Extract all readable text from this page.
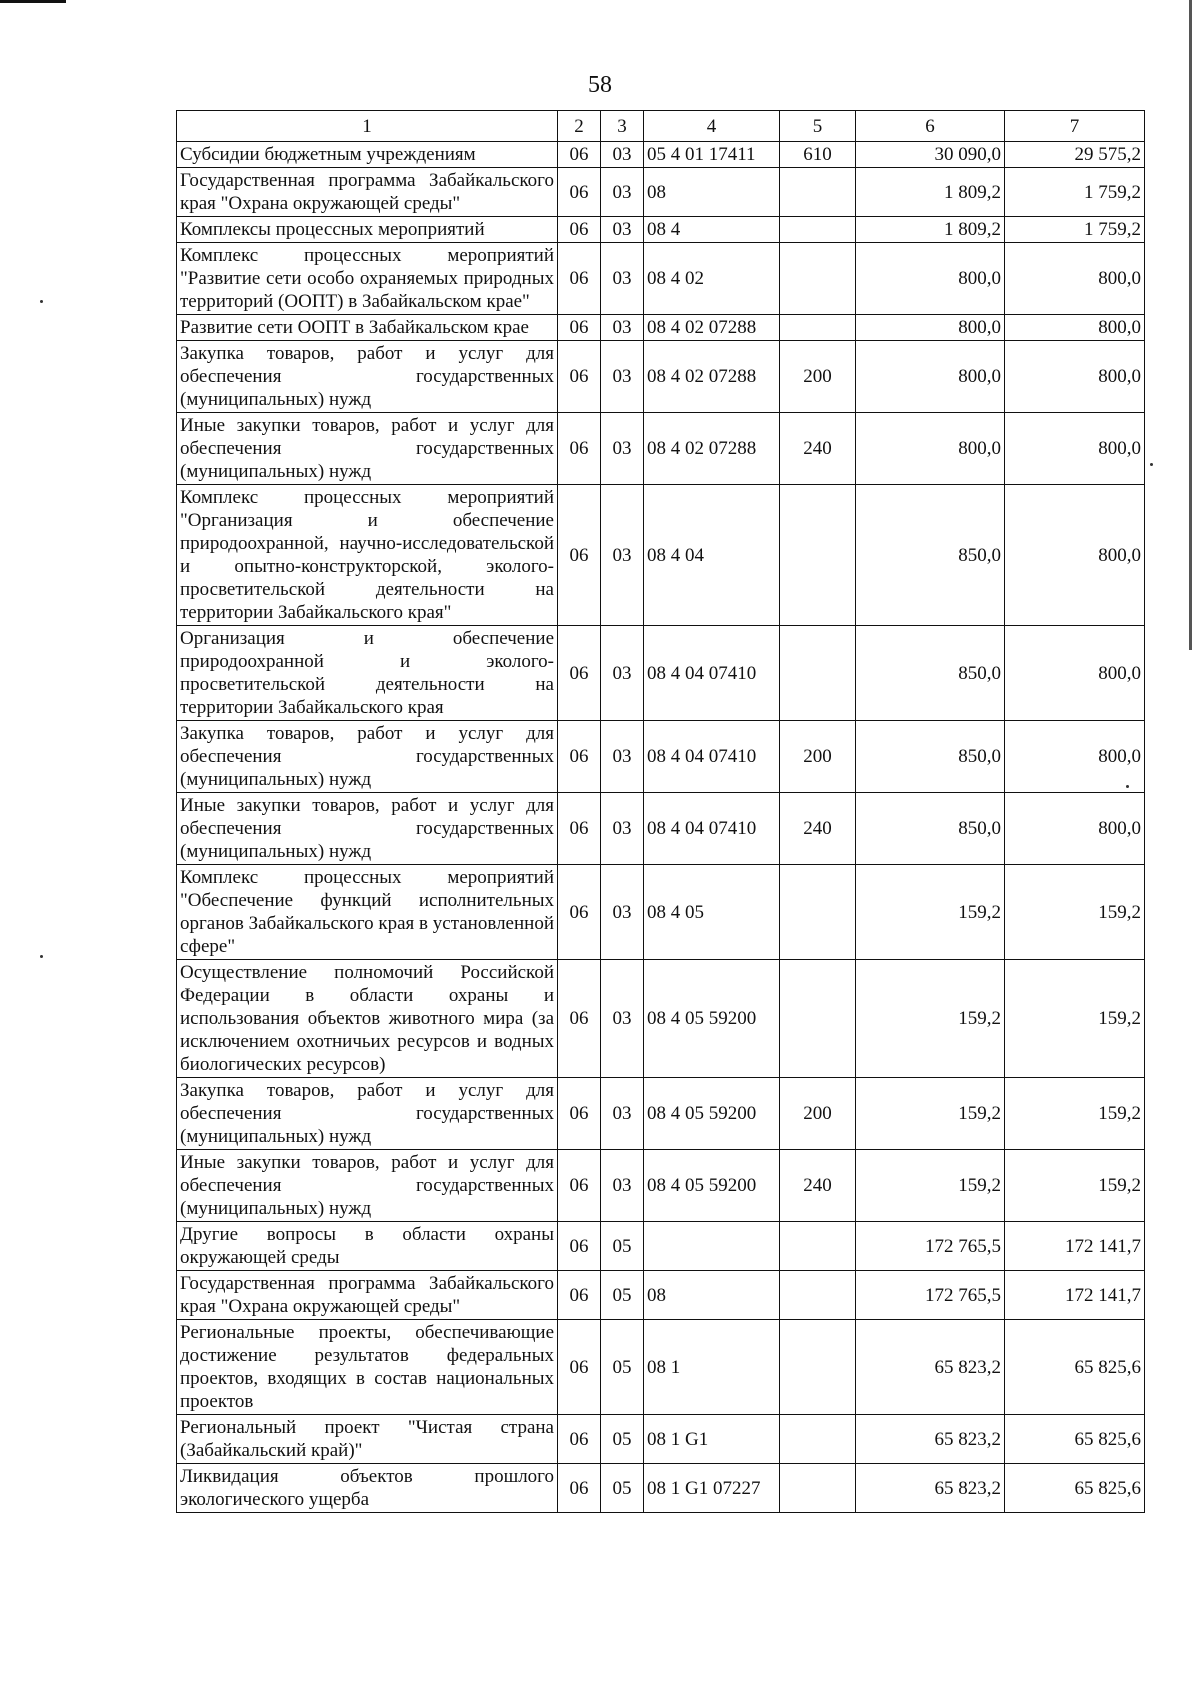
58
1	2	3	4	5	6	7
Субсидии бюджетным учреждениям	06	03	05 4 01 17411	610	30 090,0	29 575,2
Государственная программа Забайкальского края "Охрана окружающей среды"	06	03	08		1 809,2	1 759,2
Комплексы процессных мероприятий	06	03	08 4		1 809,2	1 759,2
Комплекс процессных мероприятий "Развитие сети особо охраняемых природных территорий (ООПТ) в Забайкальском крае"	06	03	08 4 02		800,0	800,0
Развитие сети ООПТ в Забайкальском крае	06	03	08 4 02 07288		800,0	800,0
Закупка товаров, работ и услуг для обеспечения государственных (муниципальных) нужд	06	03	08 4 02 07288	200	800,0	800,0
Иные закупки товаров, работ и услуг для обеспечения государственных (муниципальных) нужд	06	03	08 4 02 07288	240	800,0	800,0
Комплекс процессных мероприятий "Организация и обеспечение природоохранной, научно-исследовательской и опытно-конструкторской, эколого-просветительской деятельности на территории Забайкальского края"	06	03	08 4 04		850,0	800,0
Организация и обеспечение природоохранной и эколого-просветительской деятельности на территории Забайкальского края	06	03	08 4 04 07410		850,0	800,0
Закупка товаров, работ и услуг для обеспечения государственных (муниципальных) нужд	06	03	08 4 04 07410	200	850,0	800,0
Иные закупки товаров, работ и услуг для обеспечения государственных (муниципальных) нужд	06	03	08 4 04 07410	240	850,0	800,0
Комплекс процессных мероприятий "Обеспечение функций исполнительных органов Забайкальского края в установленной сфере"	06	03	08 4 05		159,2	159,2
Осуществление полномочий Российской Федерации в области охраны и использования объектов животного мира (за исключением охотничьих ресурсов и водных биологических ресурсов)	06	03	08 4 05 59200		159,2	159,2
Закупка товаров, работ и услуг для обеспечения государственных (муниципальных) нужд	06	03	08 4 05 59200	200	159,2	159,2
Иные закупки товаров, работ и услуг для обеспечения государственных (муниципальных) нужд	06	03	08 4 05 59200	240	159,2	159,2
Другие вопросы в области охраны окружающей среды	06	05			172 765,5	172 141,7
Государственная программа Забайкальского края "Охрана окружающей среды"	06	05	08		172 765,5	172 141,7
Региональные проекты, обеспечивающие достижение результатов федеральных проектов, входящих в состав национальных проектов	06	05	08 1		65 823,2	65 825,6
Региональный проект "Чистая страна (Забайкальский край)"	06	05	08 1 G1		65 823,2	65 825,6
Ликвидация объектов прошлого экологического ущерба	06	05	08 1 G1 07227		65 823,2	65 825,6
